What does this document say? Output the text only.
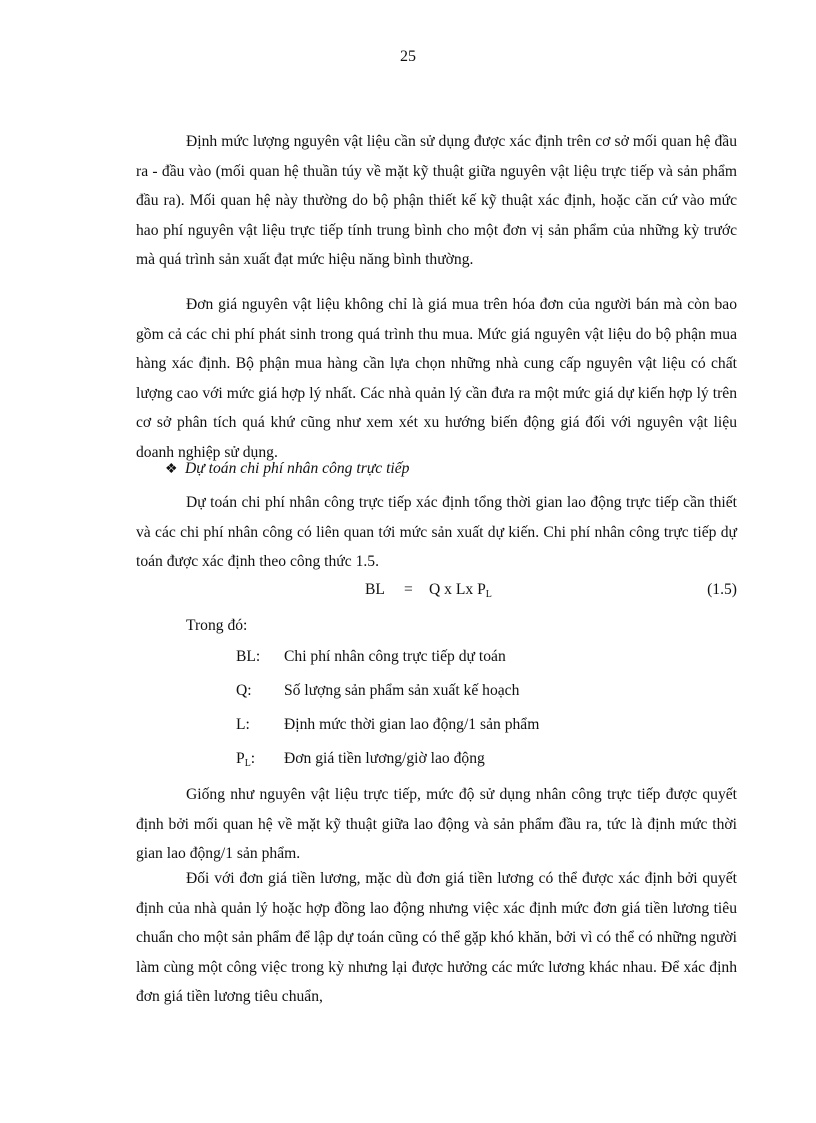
25

Định mức lượng nguyên vật liệu cần sử dụng được xác định trên cơ sở mối quan hệ đầu ra - đầu vào (mối quan hệ thuần túy về mặt kỹ thuật giữa nguyên vật liệu trực tiếp và sản phẩm đầu ra). Mối quan hệ này thường do bộ phận thiết kế kỹ thuật xác định, hoặc căn cứ vào mức hao phí nguyên vật liệu trực tiếp tính trung bình cho một đơn vị sản phẩm của những kỳ trước mà quá trình sản xuất đạt mức hiệu năng bình thường.

Đơn giá nguyên vật liệu không chỉ là giá mua trên hóa đơn của người bán mà còn bao gồm cả các chi phí phát sinh trong quá trình thu mua. Mức giá nguyên vật liệu do bộ phận mua hàng xác định. Bộ phận mua hàng cần lựa chọn những nhà cung cấp nguyên vật liệu có chất lượng cao với mức giá hợp lý nhất. Các nhà quản lý cần đưa ra một mức giá dự kiến hợp lý trên cơ sở phân tích quá khứ cũng như xem xét xu hướng biến động giá đối với nguyên vật liệu doanh nghiệp sử dụng.

❖ Dự toán chi phí nhân công trực tiếp

Dự toán chi phí nhân công trực tiếp xác định tổng thời gian lao động trực tiếp cần thiết và các chi phí nhân công có liên quan tới mức sản xuất dự kiến. Chi phí nhân công trực tiếp dự toán được xác định theo công thức 1.5.

BL = Q x Lx $P_L$	(1.5)

Trong đó:

BL: Chi phí nhân công trực tiếp dự toán
Q: Số lượng sản phẩm sản xuất kế hoạch
L: Định mức thời gian lao động/1 sản phẩm
$P_L$: Đơn giá tiền lương/giờ lao động

Giống như nguyên vật liệu trực tiếp, mức độ sử dụng nhân công trực tiếp được quyết định bởi mối quan hệ về mặt kỹ thuật giữa lao động và sản phẩm đầu ra, tức là định mức thời gian lao động/1 sản phẩm.

Đối với đơn giá tiền lương, mặc dù đơn giá tiền lương có thể được xác định bởi quyết định của nhà quản lý hoặc hợp đồng lao động nhưng việc xác định mức đơn giá tiền lương tiêu chuẩn cho một sản phẩm để lập dự toán cũng có thể gặp khó khăn, bởi vì có thể có những người làm cùng một công việc trong kỳ nhưng lại được hưởng các mức lương khác nhau. Để xác định đơn giá tiền lương tiêu chuẩn,
